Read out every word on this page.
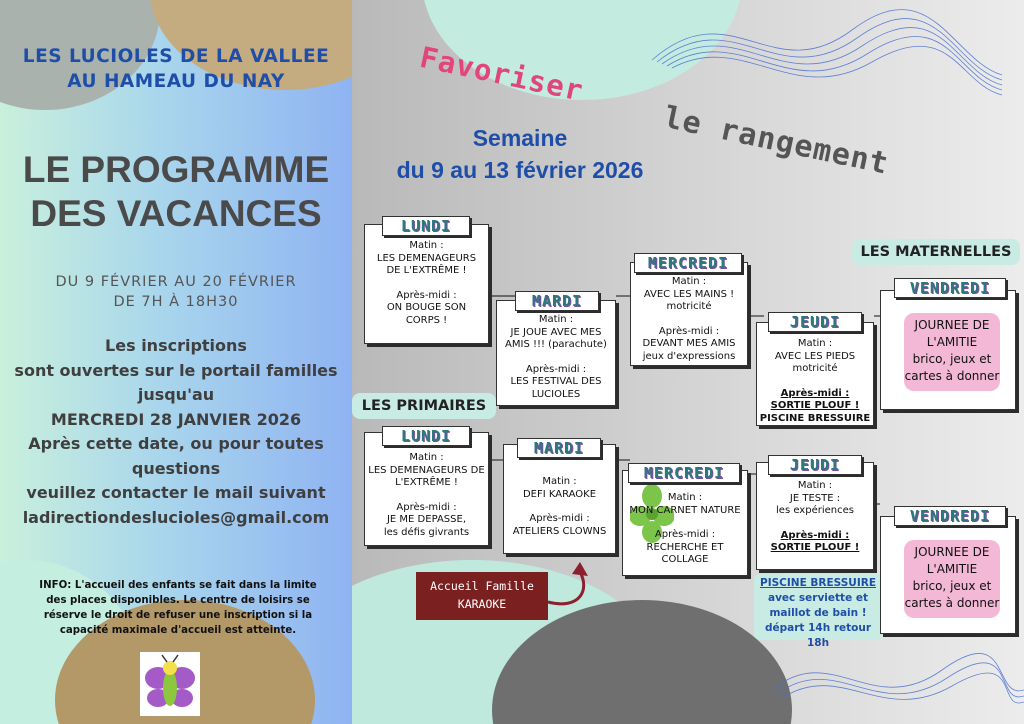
LES LUCIOLES DE LA VALLEE
AU HAMEAU DU NAY
LE PROGRAMME
DES VACANCES
DU 9 FÉVRIER AU 20 FÉVRIER
DE 7H À 18H30
Les inscriptions
sont ouvertes sur le portail familles
jusqu'au
MERCREDI 28 JANVIER 2026
Après cette date, ou pour toutes
questions
veuillez contacter le mail suivant
ladirectiondeslucioles@gmail.com
INFO: L'accueil des enfants se fait dans la limite des places disponibles. Le centre de loisirs se réserve le droit de refuser une inscription si la capacité maximale d'accueil est atteinte.
Favoriser
le rangement
Semaine
du 9 au 13 février 2026
LUNDI
Matin :
LES DEMENAGEURS
DE L'EXTRÊME !
Après-midi :
ON BOUGE SON
CORPS !
MARDI
Matin :
JE JOUE AVEC MES
AMIS !!! (parachute)
Après-midi :
LES FESTIVAL DES
LUCIOLES
MERCREDI
Matin :
AVEC LES MAINS !
motricité
Après-midi :
DEVANT MES AMIS
jeux d'expressions
JEUDI
Matin :
AVEC LES PIEDS
motricité
Après-midi :
SORTIE PLOUF !
PISCINE BRESSUIRE
VENDREDI
JOURNEE DE
L'AMITIE
brico, jeux et
cartes à donner
LES MATERNELLES
LES PRIMAIRES
LUNDI
Matin :
LES DEMENAGEURS DE
L'EXTRÊME !
Après-midi :
JE ME DEPASSE,
les défis givrants
MARDI
Matin :
DEFI KARAOKE
Après-midi :
ATELIERS CLOWNS
MERCREDI
Matin :
MON CARNET NATURE
Après-midi :
RECHERCHE ET
COLLAGE
JEUDI
Matin :
JE TESTE :
les expériences
Après-midi :
SORTIE PLOUF !
PISCINE BRESSUIRE
avec serviette et
maillot de bain !
départ 14h retour 18h
VENDREDI
JOURNEE DE
L'AMITIE
brico, jeux et
cartes à donner
Accueil Famille
KARAOKE
